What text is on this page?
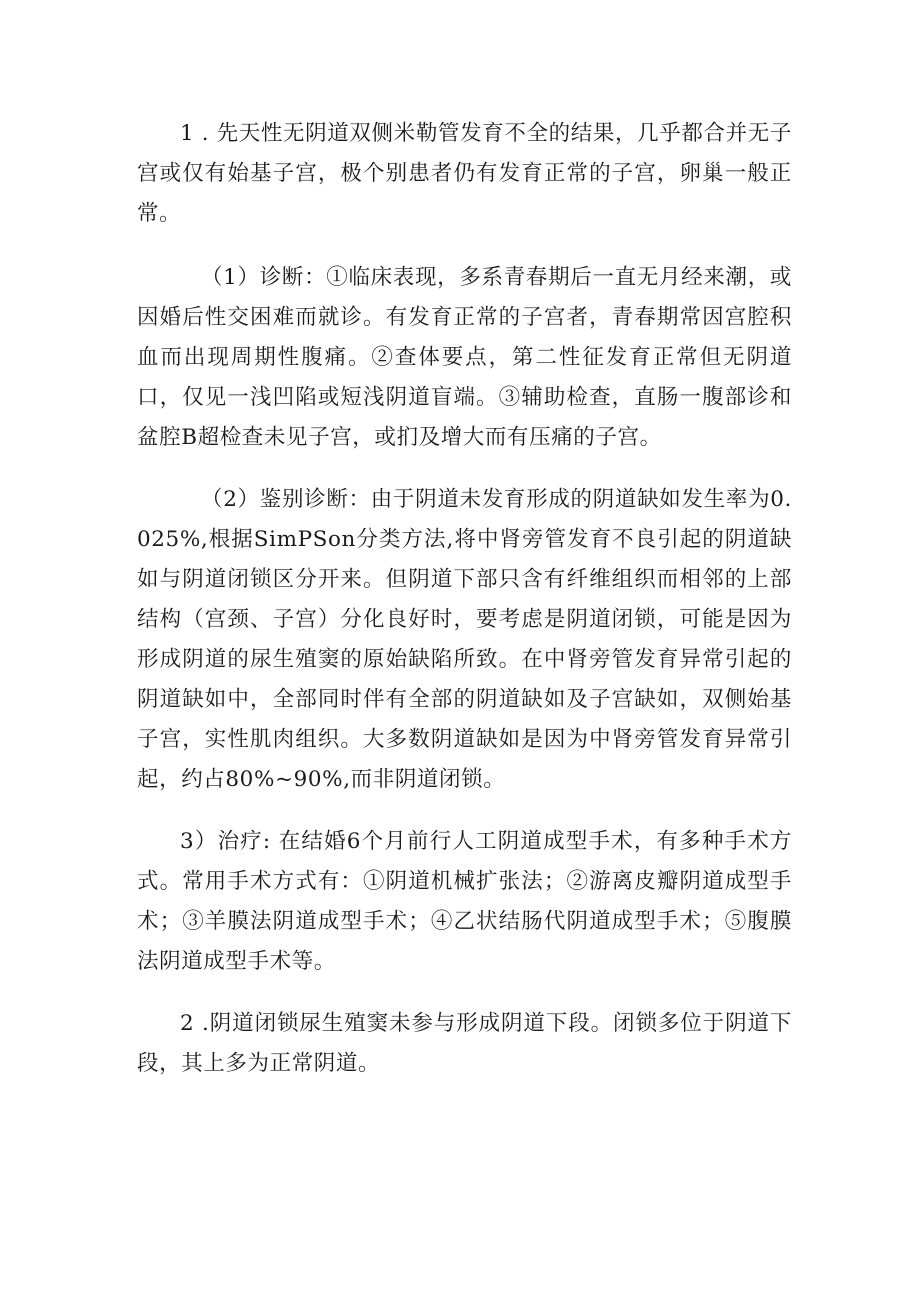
1 . 先天性无阴道双侧米勒管发育不全的结果，几乎都合并无子宫或仅有始基子宫，极个别患者仍有发育正常的子宫，卵巢一般正常。

（1）诊断：①临床表现，多系青春期后一直无月经来潮，或因婚后性交困难而就诊。有发育正常的子宫者，青春期常因宫腔积血而出现周期性腹痛。②查体要点，第二性征发育正常但无阴道口，仅见一浅凹陷或短浅阴道盲端。③辅助检查，直肠一腹部诊和盆腔B超检查未见子宫，或扪及增大而有压痛的子宫。

（2）鉴别诊断：由于阴道未发育形成的阴道缺如发生率为0.025%,根据SimPSon分类方法,将中肾旁管发育不良引起的阴道缺如与阴道闭锁区分开来。但阴道下部只含有纤维组织而相邻的上部结构（宫颈、子宫）分化良好时，要考虑是阴道闭锁，可能是因为形成阴道的尿生殖窦的原始缺陷所致。在中肾旁管发育异常引起的阴道缺如中，全部同时伴有全部的阴道缺如及子宫缺如，双侧始基子宫，实性肌肉组织。大多数阴道缺如是因为中肾旁管发育异常引起，约占80%~90%,而非阴道闭锁。

3）治疗: 在结婚6个月前行人工阴道成型手术，有多种手术方式。常用手术方式有：①阴道机械扩张法；②游离皮瓣阴道成型手术；③羊膜法阴道成型手术；④乙状结肠代阴道成型手术；⑤腹膜法阴道成型手术等。

2 .阴道闭锁尿生殖窦未参与形成阴道下段。闭锁多位于阴道下段，其上多为正常阴道。
